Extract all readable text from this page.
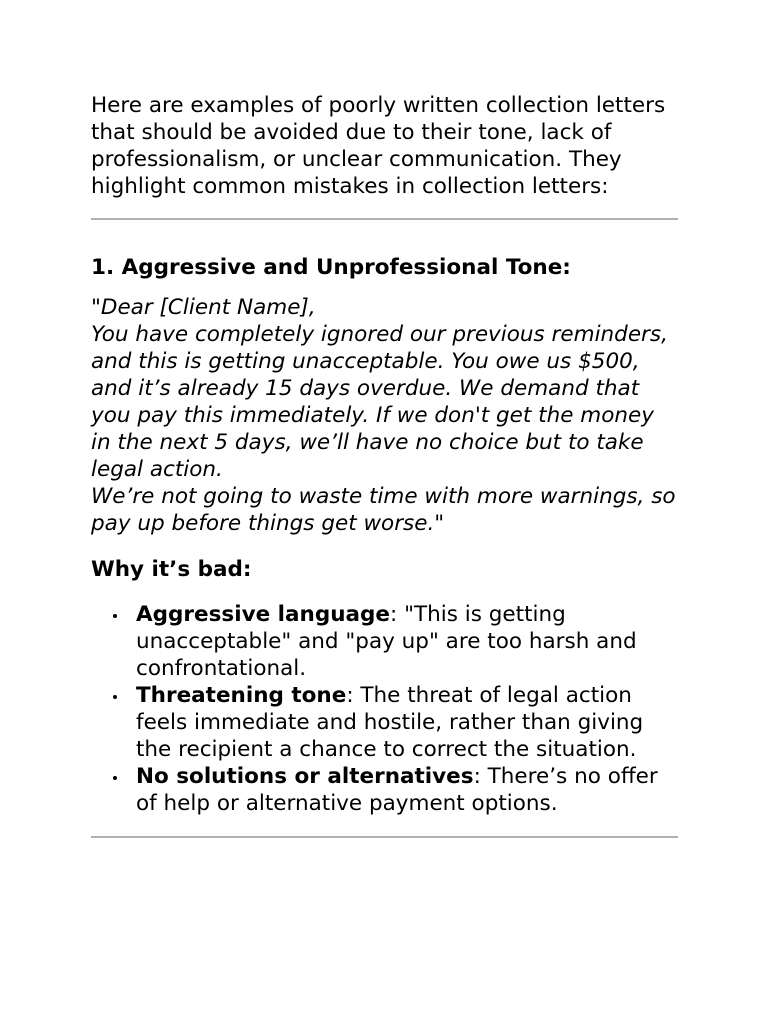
Here are examples of poorly written collection letters that should be avoided due to their tone, lack of professionalism, or unclear communication. They highlight common mistakes in collection letters:

1. Aggressive and Unprofessional Tone:

"Dear [Client Name],
You have completely ignored our previous reminders, and this is getting unacceptable. You owe us $500, and it’s already 15 days overdue. We demand that you pay this immediately. If we don't get the money in the next 5 days, we’ll have no choice but to take legal action.
We’re not going to waste time with more warnings, so pay up before things get worse."

Why it’s bad:
Aggressive language: "This is getting unacceptable" and "pay up" are too harsh and confrontational.
Threatening tone: The threat of legal action feels immediate and hostile, rather than giving the recipient a chance to correct the situation.
No solutions or alternatives: There’s no offer of help or alternative payment options.
